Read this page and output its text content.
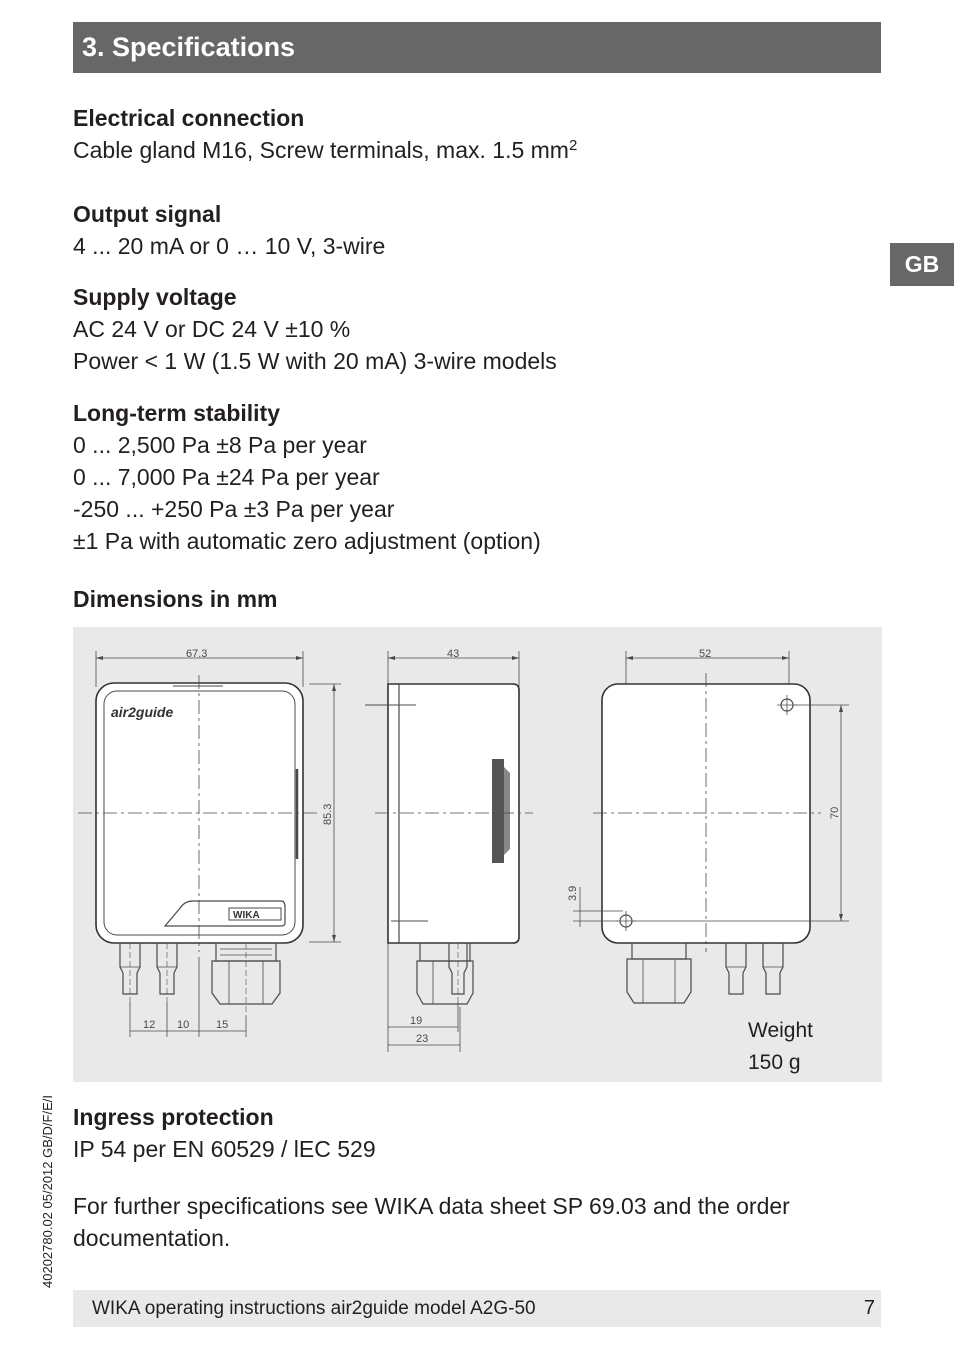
3. Specifications
GB
40202780.02 05/2012 GB/D/F/E/I
Electrical connection

Cable gland M16, Screw terminals, max. 1.5 $mm^2$

Output signal

4 ... 20 mA or 0 … 10 V, 3-wire

Supply voltage

AC 24 V or DC 24 V ±10 %

Power < 1 W (1.5 W with 20 mA) 3-wire models

Long-term stability

0 ... 2,500 Pa ±8 Pa per year

0 ... 7,000 Pa ±24 Pa per year

-250 ... +250 Pa ±3 Pa per year

±1 Pa with automatic zero adjustment (option)

Dimensions in mm
67.3
85.3
air2guide
WIKA
12 10 15
43
19
23
52
70
3.9
Weight
150 g
Ingress protection

IP 54 per EN 60529 / lEC 529

For further specifications see WIKA data sheet SP 69.03 and the order documentation.

WIKA operating instructions air2guide model A2G-50	7
